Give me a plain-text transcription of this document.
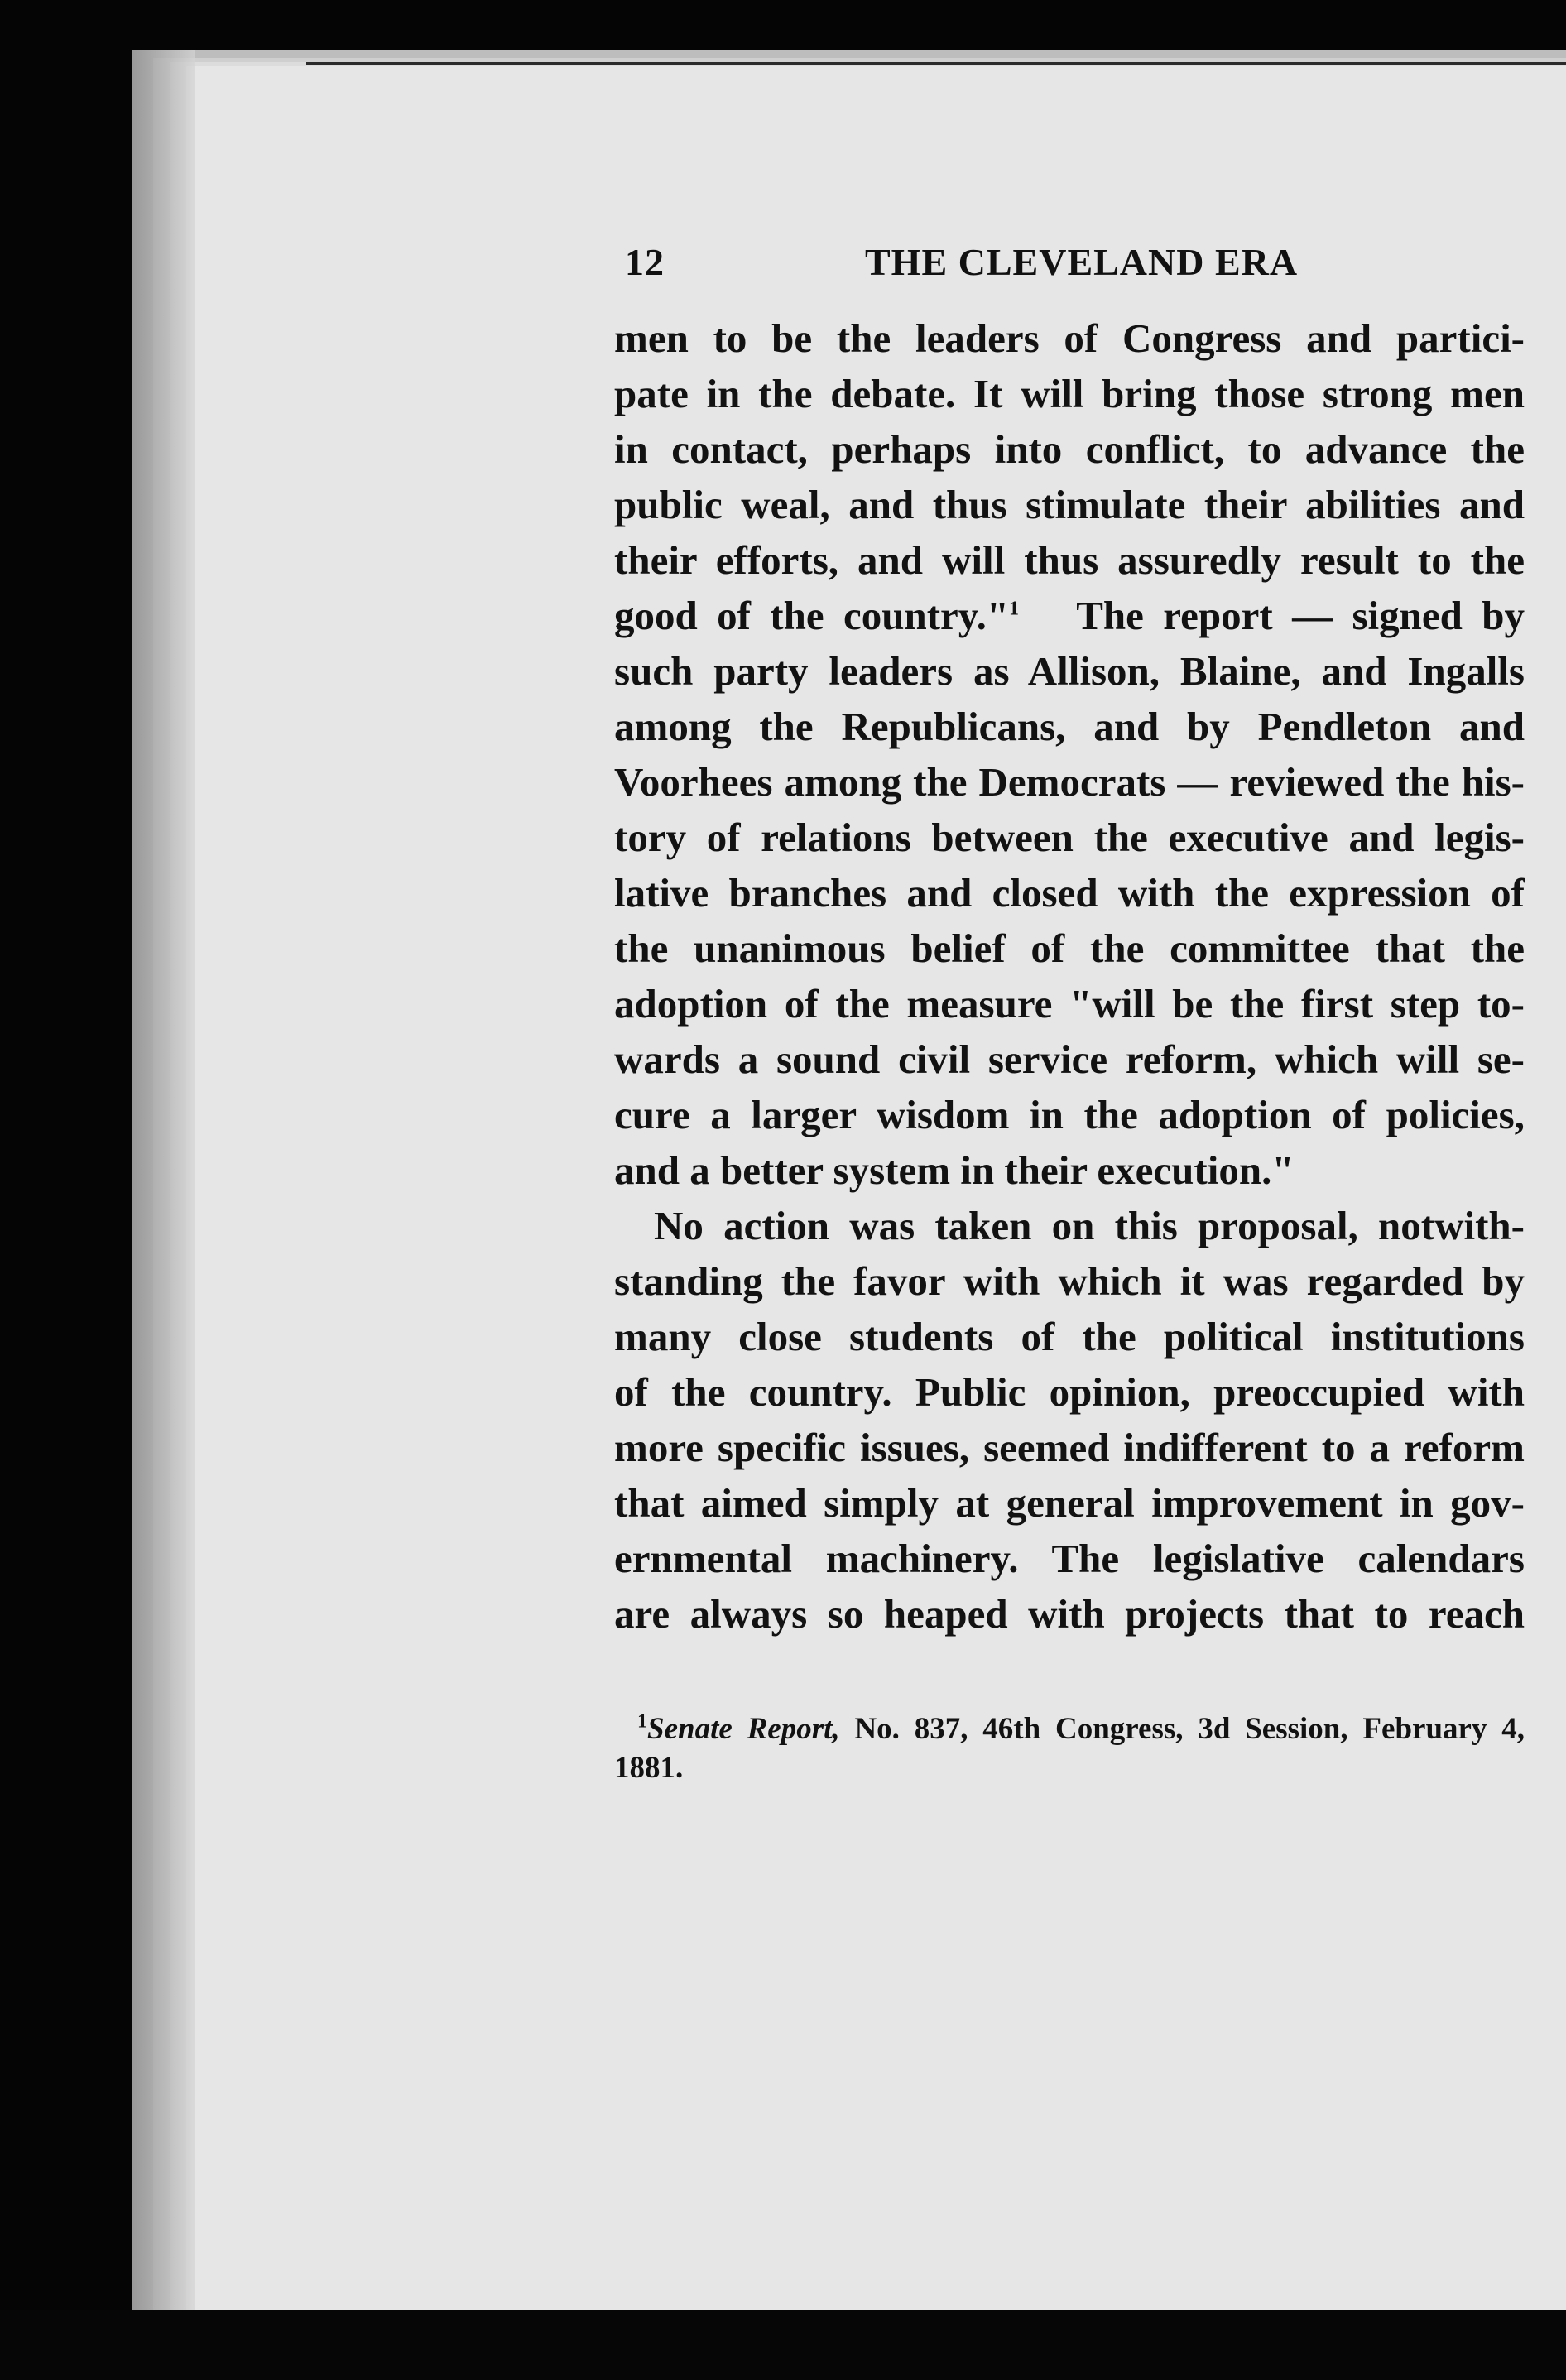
12	THE CLEVELAND ERA
men to be the leaders of Congress and partici-
pate in the debate. It will bring those strong men
in contact, perhaps into conflict, to advance the
public weal, and thus stimulate their abilities and
their efforts, and will thus assuredly result to the
good of the country."$^1$ The report — signed by
such party leaders as Allison, Blaine, and Ingalls
among the Republicans, and by Pendleton and
Voorhees among the Democrats — reviewed the his-
tory of relations between the executive and legis-
lative branches and closed with the expression of
the unanimous belief of the committee that the
adoption of the measure "will be the first step to-
wards a sound civil service reform, which will se-
cure a larger wisdom in the adoption of policies,
and a better system in their execution."
No action was taken on this proposal, notwith-
standing the favor with which it was regarded by
many close students of the political institutions
of the country. Public opinion, preoccupied with
more specific issues, seemed indifferent to a reform
that aimed simply at general improvement in gov-
ernmental machinery. The legislative calendars
are always so heaped with projects that to reach
$^1$Senate Report, No. 837, 46th Congress, 3d Session, February 4,
1881.
